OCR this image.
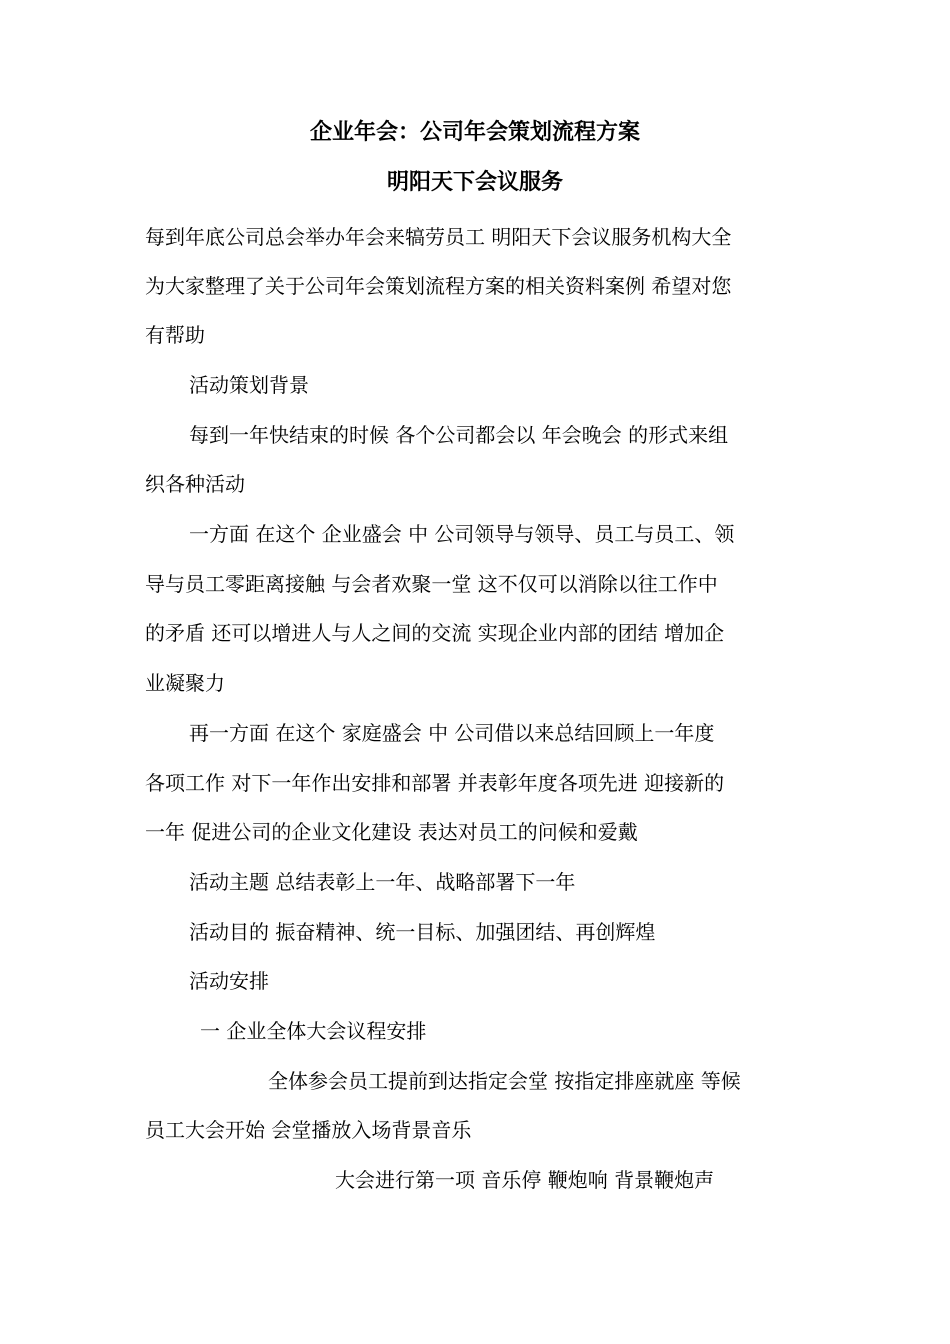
企业年会：公司年会策划流程方案
明阳天下会议服务

每到年底公司总会举办年会来犒劳员工 明阳天下会议服务机构大全

为大家整理了关于公司年会策划流程方案的相关资料案例 希望对您

有帮助

活动策划背景

每到一年快结束的时候 各个公司都会以 年会晚会 的形式来组

织各种活动

一方面 在这个 企业盛会 中 公司领导与领导、员工与员工、领

导与员工零距离接触 与会者欢聚一堂 这不仅可以消除以往工作中

的矛盾 还可以增进人与人之间的交流 实现企业内部的团结 增加企

业凝聚力

再一方面 在这个 家庭盛会 中 公司借以来总结回顾上一年度

各项工作 对下一年作出安排和部署 并表彰年度各项先进 迎接新的

一年 促进公司的企业文化建设 表达对员工的问候和爱戴

活动主题 总结表彰上一年、战略部署下一年

活动目的 振奋精神、统一目标、加强团结、再创辉煌

活动安排

一 企业全体大会议程安排

全体参会员工提前到达指定会堂 按指定排座就座 等候

员工大会开始 会堂播放入场背景音乐

大会进行第一项 音乐停 鞭炮响 背景鞭炮声
